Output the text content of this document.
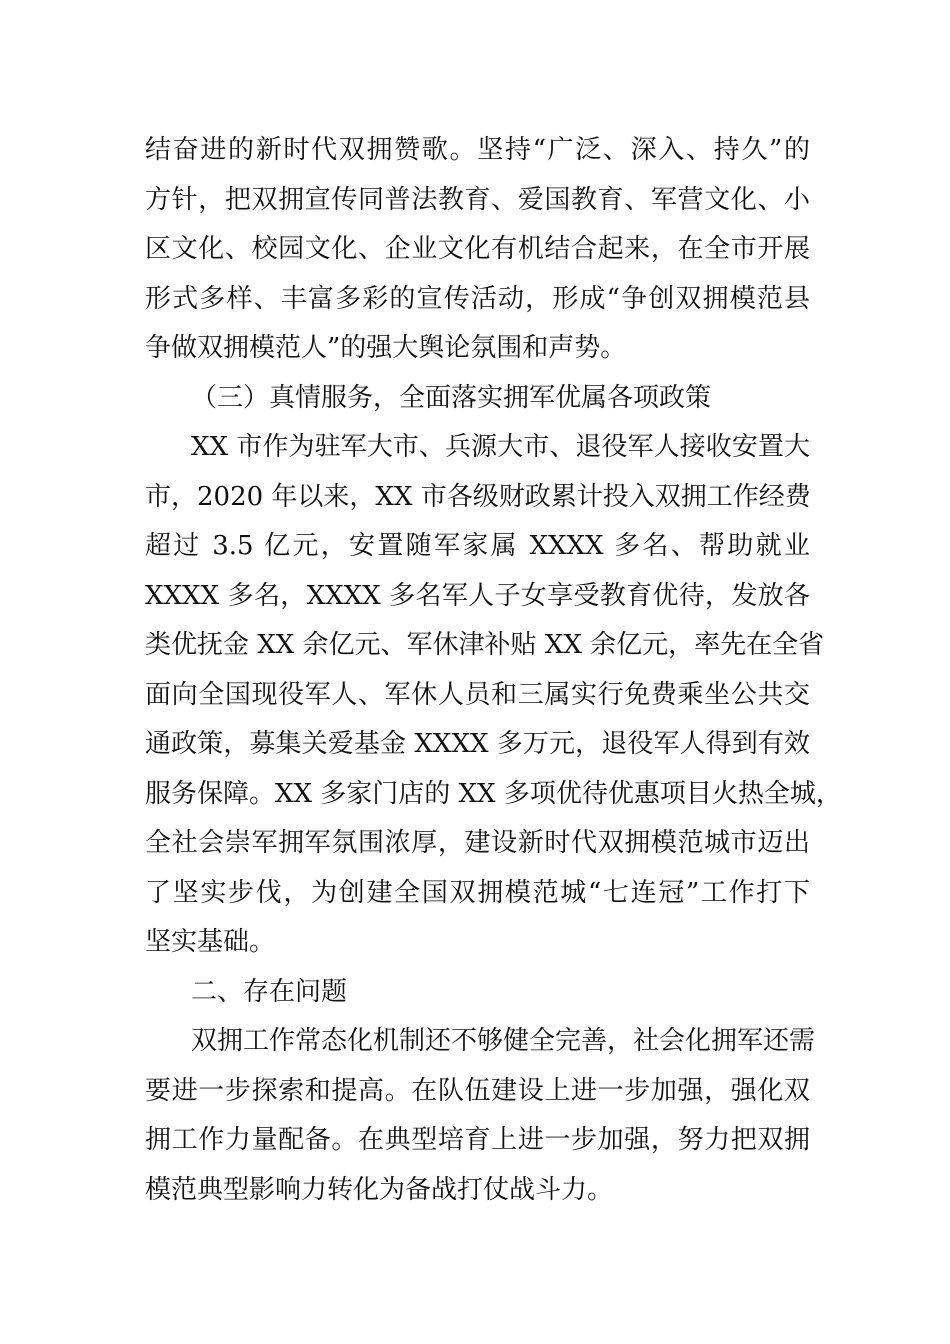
结奋进的新时代双拥赞歌。坚持“广泛、深入、持久”的
方针，把双拥宣传同普法教育、爱国教育、军营文化、小
区文化、校园文化、企业文化有机结合起来，在全市开展
形式多样、丰富多彩的宣传活动，形成“争创双拥模范县
争做双拥模范人”的强大舆论氛围和声势。
（三）真情服务，全面落实拥军优属各项政策
XX 市作为驻军大市、兵源大市、退役军人接收安置大
市，2020 年以来，XX 市各级财政累计投入双拥工作经费
超过 3.5 亿元，安置随军家属 XXXX 多名、帮助就业
XXXX 多名，XXXX 多名军人子女享受教育优待，发放各
类优抚金 XX 余亿元、军休津补贴 XX 余亿元，率先在全省
面向全国现役军人、军休人员和三属实行免费乘坐公共交
通政策，募集关爱基金 XXXX 多万元，退役军人得到有效
服务保障。XX 多家门店的 XX 多项优待优惠项目火热全城，
全社会崇军拥军氛围浓厚，建设新时代双拥模范城市迈出
了坚实步伐，为创建全国双拥模范城“七连冠”工作打下
坚实基础。
二、存在问题
双拥工作常态化机制还不够健全完善，社会化拥军还需
要进一步探索和提高。在队伍建设上进一步加强，强化双
拥工作力量配备。在典型培育上进一步加强，努力把双拥
模范典型影响力转化为备战打仗战斗力。
